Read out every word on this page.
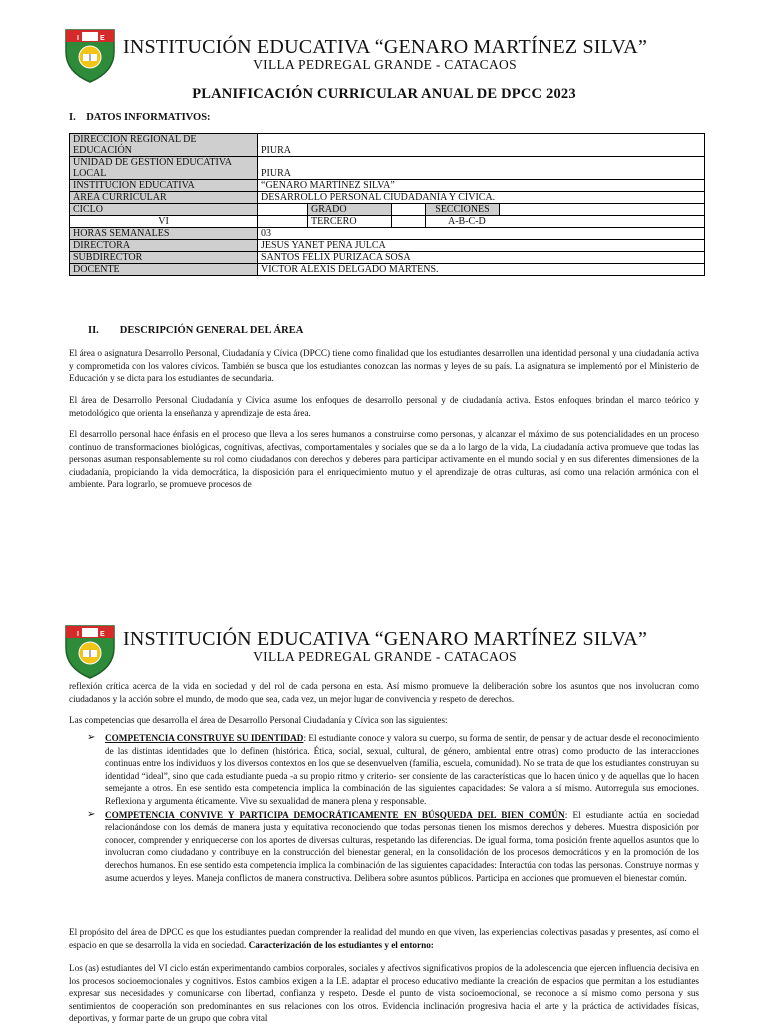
I	E INSTITUCIÓN EDUCATIVA “GENARO MARTÍNEZ SILVA”
VILLA PEDREGAL GRANDE - CATACAOS
PLANIFICACIÓN CURRICULAR ANUAL DE DPCC 2023
I.    DATOS INFORMATIVOS:
DIRECCIÓN REGIONAL DE EDUCACIÓN	PIURA				
UNIDAD DE GESTIÓN EDUCATIVA LOCAL	PIURA				
INSTITUCIÓN EDUCATIVA	“GENARO MARTÍNEZ SILVA”				
ÁREA CURRICULAR	DESARROLLO PERSONAL CIUDADANÍA Y CÍVICA.				
CICLO		GRADO		SECCIONES	
VI		TERCERO		A-B-C-D	
HORAS SEMANALES	03				
DIRECTORA	JESÚS YANET PEÑA JULCA				
SUBDIRECTOR	SANTOS FÉLIX PURIZACA SOSA				
DOCENTE	VICTOR ALEXIS DELGADO MARTENS.				
II.        DESCRIPCIÓN GENERAL DEL ÁREA

El área o asignatura Desarrollo Personal, Ciudadanía y Cívica (DPCC) tiene como finalidad que los estudiantes desarrollen una identidad personal y una ciudadanía activa y comprometida con los valores cívicos. También se busca que los estudiantes conozcan las normas y leyes de su país. La asignatura se implementó por el Ministerio de Educación y se dicta para los estudiantes de secundaria.

El área de Desarrollo Personal Ciudadanía y Cívica asume los enfoques de desarrollo personal y de ciudadanía activa. Estos enfoques brindan el marco teórico y metodológico que orienta la enseñanza y aprendizaje de esta área.

El desarrollo personal hace énfasis en el proceso que lleva a los seres humanos a construirse como personas, y alcanzar el máximo de sus potencialidades en un proceso continuo de transformaciones biológicas, cognitivas, afectivas, comportamentales y sociales que se da a lo largo de la vida, La ciudadanía activa promueve que todas las personas asuman responsablemente su rol como ciudadanos con derechos y deberes para participar activamente en el mundo social y en sus diferentes dimensiones de la ciudadanía, propiciando la vida democrática, la disposición para el enriquecimiento mutuo y el aprendizaje de otras culturas, así como una relación armónica con el ambiente. Para lograrlo, se promueve procesos de

I	E INSTITUCIÓN EDUCATIVA “GENARO MARTÍNEZ SILVA”
VILLA PEDREGAL GRANDE - CATACAOS

reflexión crítica acerca de la vida en sociedad y del rol de cada persona en esta. Así mismo promueve la deliberación sobre los asuntos que nos involucran como ciudadanos y la acción sobre el mundo, de modo que sea, cada vez, un mejor lugar de convivencia y respeto de derechos.

Las competencias que desarrolla el área de Desarrollo Personal Ciudadanía y Cívica son las siguientes:

➢ COMPETENCIA CONSTRUYE SU IDENTIDAD: El estudiante conoce y valora su cuerpo, su forma de sentir, de pensar y de actuar desde el reconocimiento de las distintas identidades que lo definen (histórica. Ética, social, sexual, cultural, de género, ambiental entre otras) como producto de las interacciones continuas entre los individuos y los diversos contextos en los que se desenvuelven (familia, escuela, comunidad). No se trata de que los estudiantes construyan su identidad “ideal”, sino que cada estudiante pueda -a su propio ritmo y criterio- ser consiente de las características que lo hacen único y de aquellas que lo hacen semejante a otros. En ese sentido esta competencia implica la combinación de las siguientes capacidades: Se valora a sí mismo. Autorregula sus emociones. Reflexiona y argumenta éticamente. Vive su sexualidad de manera plena y responsable.
➢ COMPETENCIA CONVIVE Y PARTICIPA DEMOCRÁTICAMENTE EN BÚSQUEDA DEL BIEN COMÚN: El estudiante actúa en sociedad relacionándose con los demás de manera justa y equitativa reconociendo que todas personas tienen los mismos derechos y deberes. Muestra disposición por conocer, comprender y enriquecerse con los aportes de diversas culturas, respetando las diferencias. De igual forma, toma posición frente aquellos asuntos que lo involucran como ciudadano y contribuye en la construcción del bienestar general, en la consolidación de los procesos democráticos y en la promoción de los derechos humanos. En ese sentido esta competencia implica la combinación de las siguientes capacidades: Interactúa con todas las personas. Construye normas y asume acuerdos y leyes. Maneja conflictos de manera constructiva. Delibera sobre asuntos públicos. Participa en acciones que promueven el bienestar común.

El propósito del área de DPCC es que los estudiantes puedan comprender la realidad del mundo en que viven, las experiencias colectivas pasadas y presentes, así como el espacio en que se desarrolla la vida en sociedad. Caracterización de los estudiantes y el entorno:

Los (as) estudiantes del VI ciclo están experimentando cambios corporales, sociales y afectivos significativos propios de la adolescencia que ejercen influencia decisiva en los procesos socioemocionales y cognitivos. Estos cambios exigen a la I.E. adaptar el proceso educativo mediante la creación de espacios que permitan a los estudiantes expresar sus necesidades y comunicarse con libertad, confianza y respeto. Desde el punto de vista socioemocional, se reconoce a sí mismo como persona y sus sentimientos de cooperación son predominantes en sus relaciones con los otros. Evidencia inclinación progresiva hacia el arte y la práctica de actividades físicas, deportivas, y formar parte de un grupo que cobra vital
